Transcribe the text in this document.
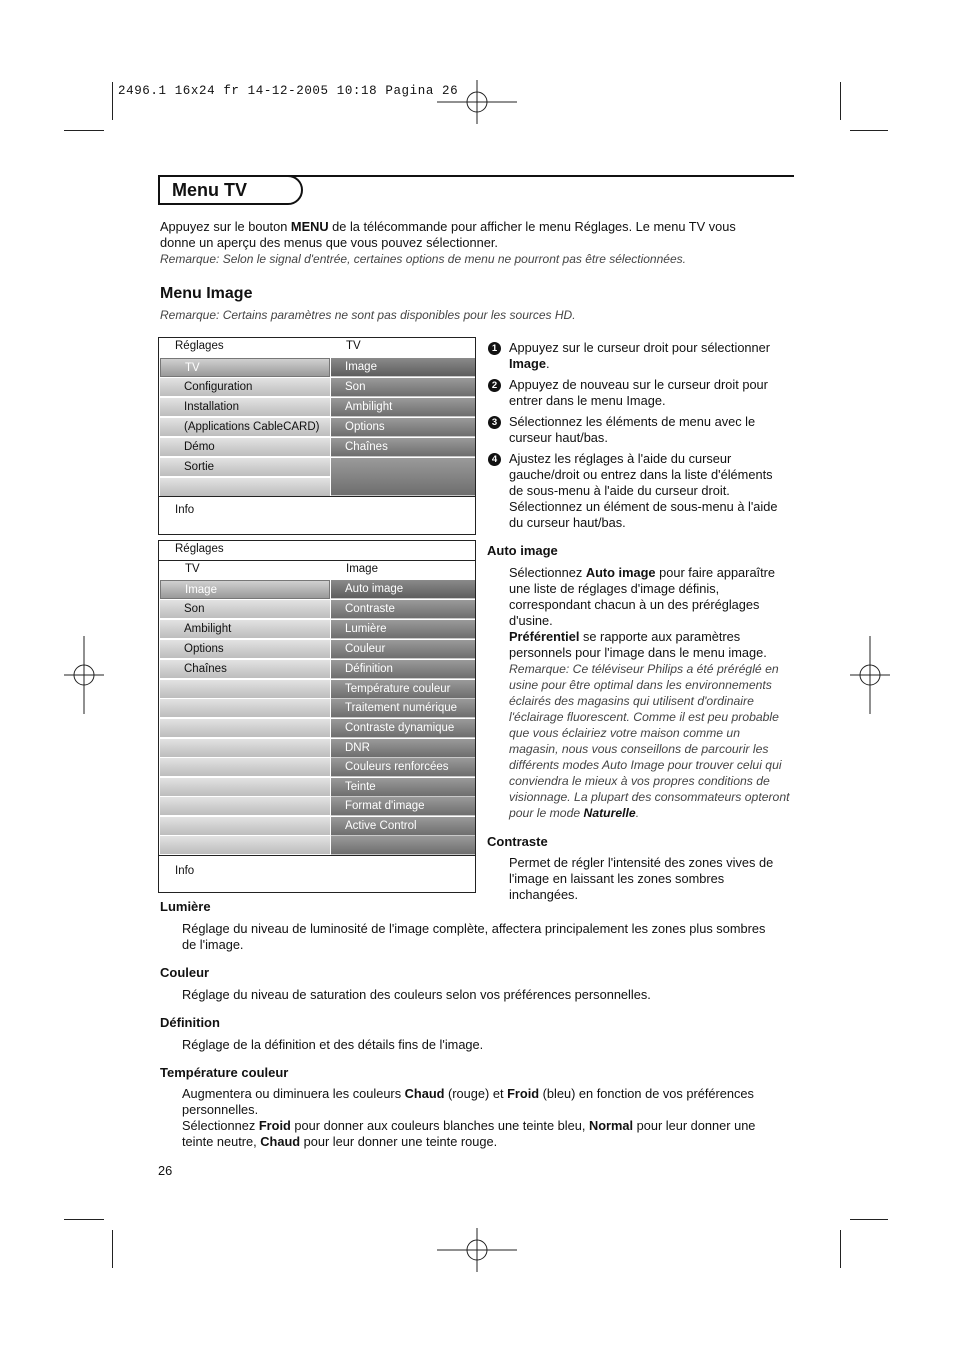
2496.1 16x24 fr 14-12-2005 10:18 Pagina 26
Menu TV
Appuyez sur le bouton MENU de la télécommande pour afficher le menu Réglages. Le menu TV vous
donne un aperçu des menus que vous pouvez sélectionner.
Remarque: Selon le signal d'entrée, certaines options de menu ne pourront pas être sélectionnées.
Menu Image
Remarque: Certains paramètres ne sont pas disponibles pour les sources HD.
Réglages	TV
TV
Configuration
Installation
(Applications CableCARD)
Démo
Sortie
Image
Son
Ambilight
Options
Chaînes
Info
Réglages
TV	Image
Image
Son
Ambilight
Options
Chaînes
Auto image
Contraste
Lumière
Couleur
Définition
Température couleur
Traitement numérique
Contraste dynamique
DNR
Couleurs renforcées
Teinte
Format d'image
Active Control
Info
1 Appuyez sur le curseur droit pour sélectionner
Image.
2 Appuyez de nouveau sur le curseur droit pour
entrer dans le menu Image.
3 Sélectionnez les éléments de menu avec le
curseur haut/bas.
4 Ajustez les réglages à l'aide du curseur
gauche/droit ou entrez dans la liste d'éléments
de sous-menu à l'aide du curseur droit.
Sélectionnez un élément de sous-menu à l'aide
du curseur haut/bas.
Auto image
Sélectionnez Auto image pour faire apparaître
une liste de réglages d'image définis,
correspondant chacun à un des préréglages
d'usine.
Préférentiel se rapporte aux paramètres
personnels pour l'image dans le menu image.
Remarque: Ce téléviseur Philips a été préréglé en
usine pour être optimal dans les environnements
éclairés des magasins qui utilisent d'ordinaire
l'éclairage fluorescent. Comme il est peu probable
que vous éclairiez votre maison comme un
magasin, nous vous conseillons de parcourir les
différents modes Auto Image pour trouver celui qui
conviendra le mieux à vos propres conditions de
visionnage. La plupart des consommateurs opteront
pour le mode Naturelle.
Contraste
Permet de régler l'intensité des zones vives de
l'image en laissant les zones sombres
inchangées.
Lumière
Réglage du niveau de luminosité de l'image complète, affectera principalement les zones plus sombres
de l'image.
Couleur
Réglage du niveau de saturation des couleurs selon vos préférences personnelles.
Définition
Réglage de la définition et des détails fins de l'image.
Température couleur
Augmentera ou diminuera les couleurs Chaud (rouge) et Froid (bleu) en fonction de vos préférences
personnelles.
Sélectionnez Froid pour donner aux couleurs blanches une teinte bleu, Normal pour leur donner une
teinte neutre, Chaud pour leur donner une teinte rouge.
26
